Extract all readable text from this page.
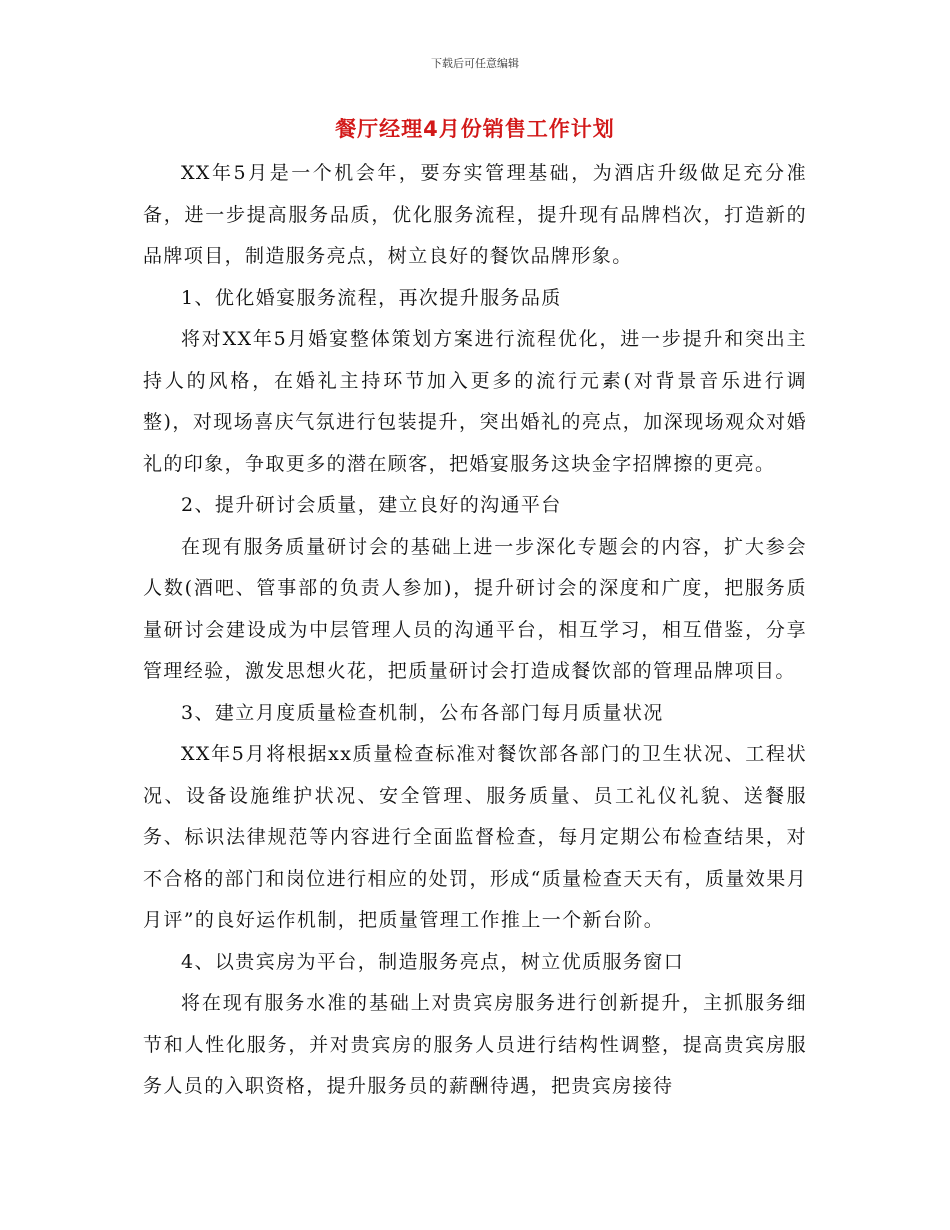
下载后可任意编辑
餐厅经理4月份销售工作计划

XX年5月是一个机会年，要夯实管理基础，为酒店升级做足充分准备，进一步提高服务品质，优化服务流程，提升现有品牌档次，打造新的品牌项目，制造服务亮点，树立良好的餐饮品牌形象。

1、优化婚宴服务流程，再次提升服务品质

将对XX年5月婚宴整体策划方案进行流程优化，进一步提升和突出主持人的风格，在婚礼主持环节加入更多的流行元素(对背景音乐进行调整)，对现场喜庆气氛进行包装提升，突出婚礼的亮点，加深现场观众对婚礼的印象，争取更多的潜在顾客，把婚宴服务这块金字招牌擦的更亮。

2、提升研讨会质量，建立良好的沟通平台

在现有服务质量研讨会的基础上进一步深化专题会的内容，扩大参会人数(酒吧、管事部的负责人参加)，提升研讨会的深度和广度，把服务质量研讨会建设成为中层管理人员的沟通平台，相互学习，相互借鉴，分享管理经验，激发思想火花，把质量研讨会打造成餐饮部的管理品牌项目。

3、建立月度质量检查机制，公布各部门每月质量状况

XX年5月将根据xx质量检查标准对餐饮部各部门的卫生状况、工程状况、设备设施维护状况、安全管理、服务质量、员工礼仪礼貌、送餐服务、标识法律规范等内容进行全面监督检查，每月定期公布检查结果，对不合格的部门和岗位进行相应的处罚，形成“质量检查天天有，质量效果月月评”的良好运作机制，把质量管理工作推上一个新台阶。

4、以贵宾房为平台，制造服务亮点，树立优质服务窗口

将在现有服务水准的基础上对贵宾房服务进行创新提升，主抓服务细节和人性化服务，并对贵宾房的服务人员进行结构性调整，提高贵宾房服务人员的入职资格，提升服务员的薪酬待遇，把贵宾房接待
